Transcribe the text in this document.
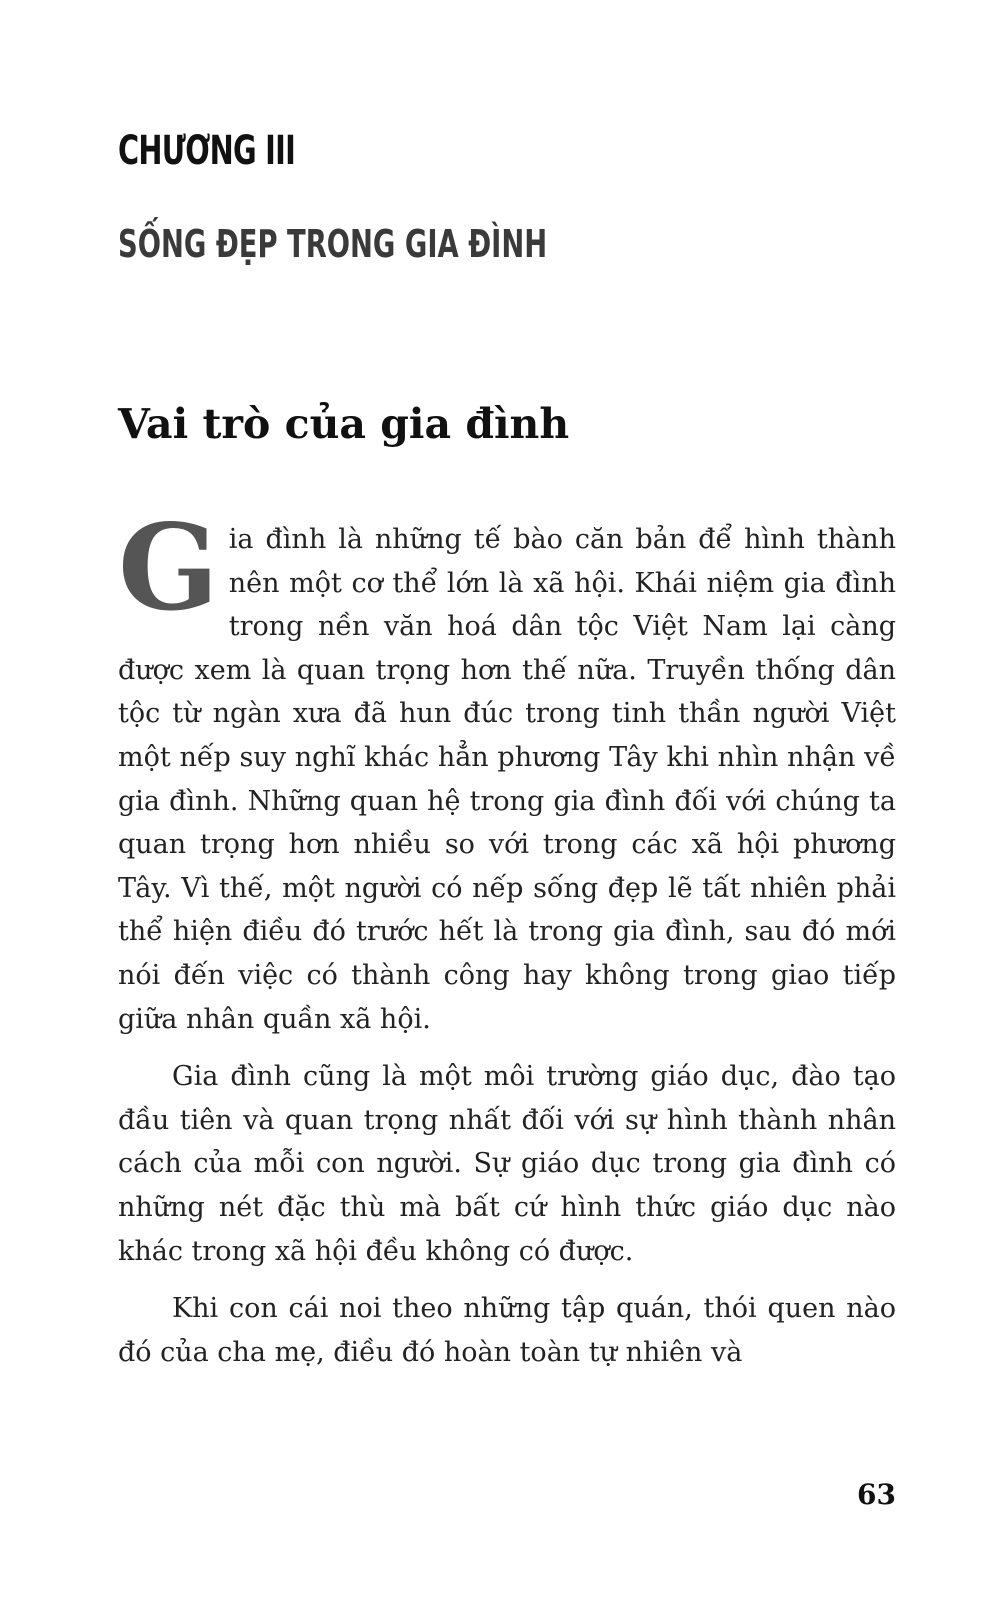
CHƯƠNG III
SỐNG ĐẸP TRONG GIA ĐÌNH
Vai trò của gia đình

Gia đình là những tế bào căn bản để hình thành nên một cơ thể lớn là xã hội. Khái niệm gia đình trong nền văn hoá dân tộc Việt Nam lại càng được xem là quan trọng hơn thế nữa. Truyền thống dân tộc từ ngàn xưa đã hun đúc trong tinh thần người Việt một nếp suy nghĩ khác hẳn phương Tây khi nhìn nhận về gia đình. Những quan hệ trong gia đình đối với chúng ta quan trọng hơn nhiều so với trong các xã hội phương Tây. Vì thế, một người có nếp sống đẹp lẽ tất nhiên phải thể hiện điều đó trước hết là trong gia đình, sau đó mới nói đến việc có thành công hay không trong giao tiếp giữa nhân quần xã hội.

Gia đình cũng là một môi trường giáo dục, đào tạo đầu tiên và quan trọng nhất đối với sự hình thành nhân cách của mỗi con người. Sự giáo dục trong gia đình có những nét đặc thù mà bất cứ hình thức giáo dục nào khác trong xã hội đều không có được.

Khi con cái noi theo những tập quán, thói quen nào đó của cha mẹ, điều đó hoàn toàn tự nhiên và

63
